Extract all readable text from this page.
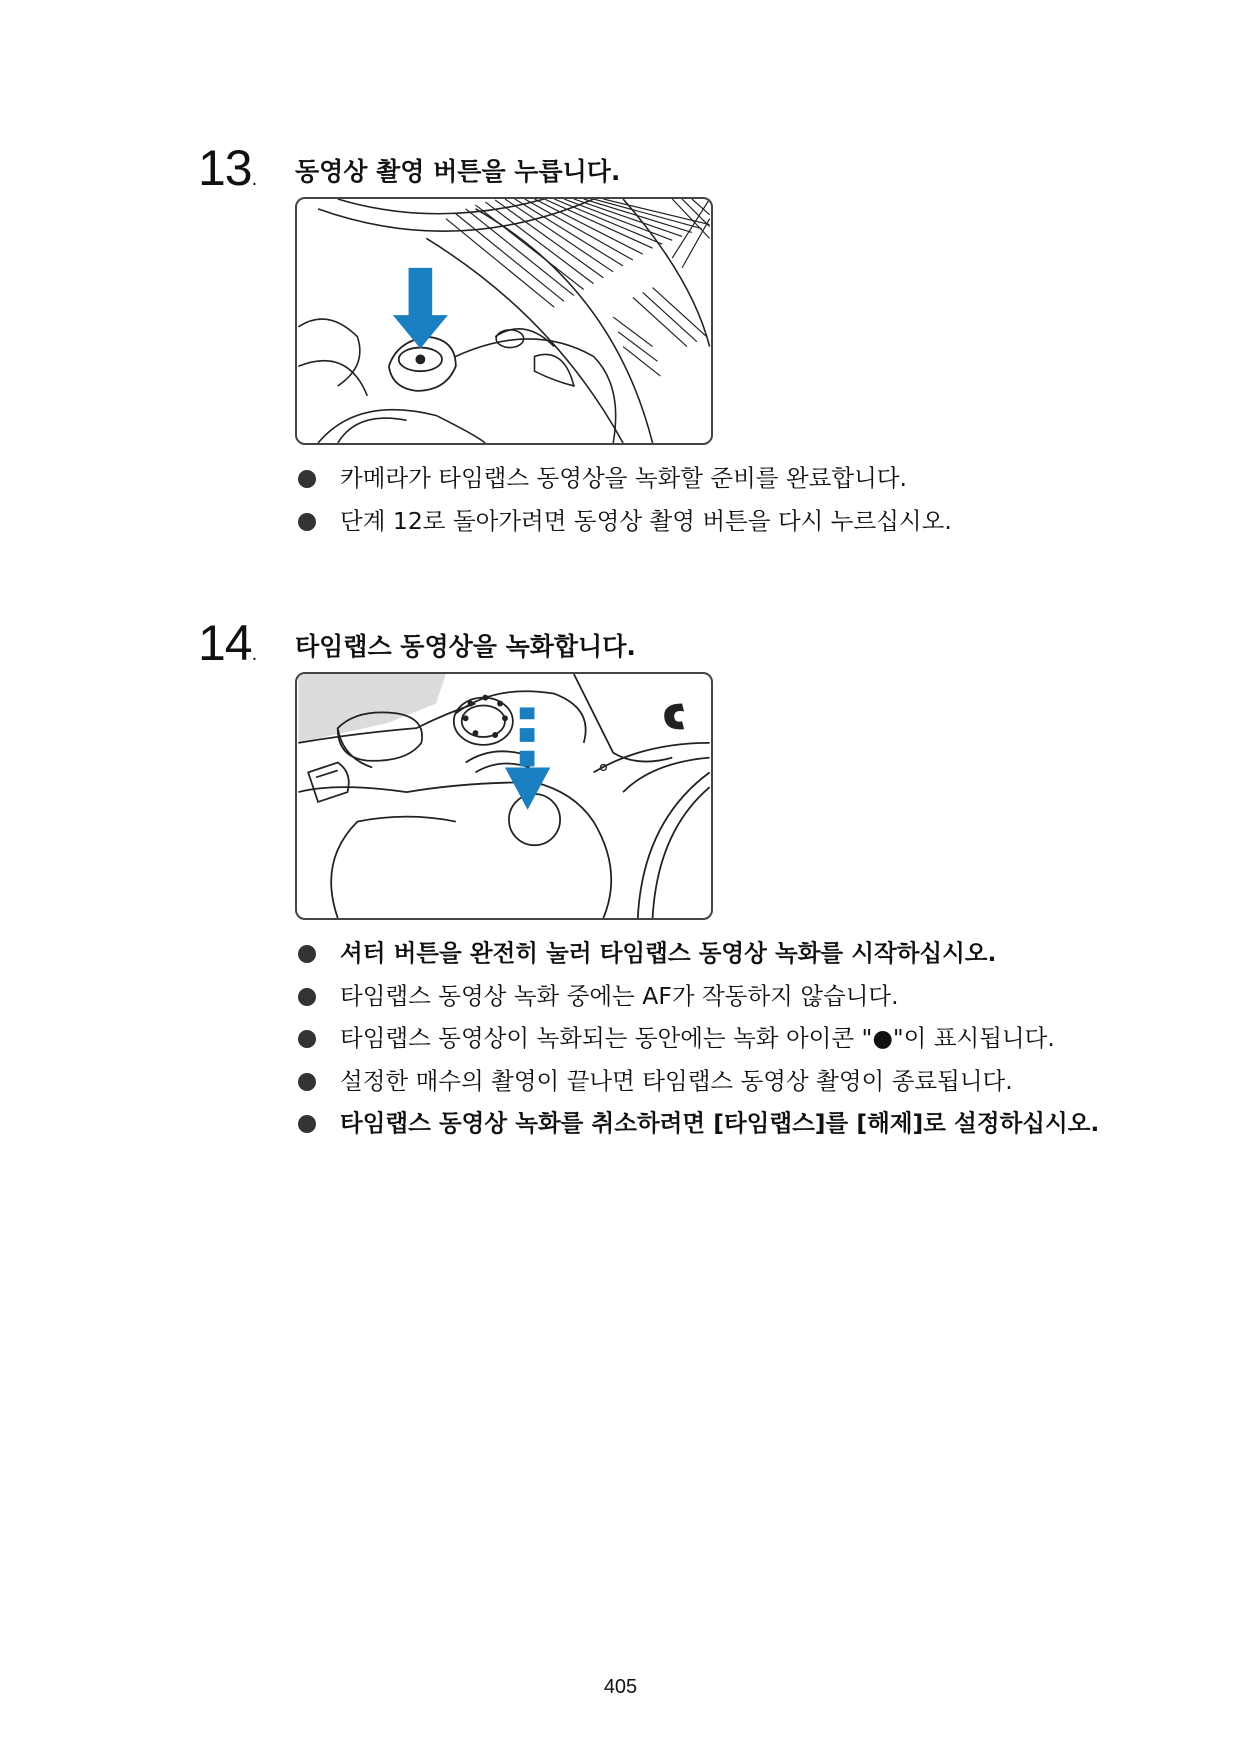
13. 동영상 촬영 버튼을 누릅니다.
카메라가 타임랩스 동영상을 녹화할 준비를 완료합니다.
단계 12로 돌아가려면 동영상 촬영 버튼을 다시 누르십시오.
14. 타임랩스 동영상을 녹화합니다.
셔터 버튼을 완전히 눌러 타임랩스 동영상 녹화를 시작하십시오.
타임랩스 동영상 녹화 중에는 AF가 작동하지 않습니다.
타임랩스 동영상이 녹화되는 동안에는 녹화 아이콘 "●"이 표시됩니다.
설정한 매수의 촬영이 끝나면 타임랩스 동영상 촬영이 종료됩니다.
타임랩스 동영상 녹화를 취소하려면 [타임랩스]를 [해제]로 설정하십시오.
405
